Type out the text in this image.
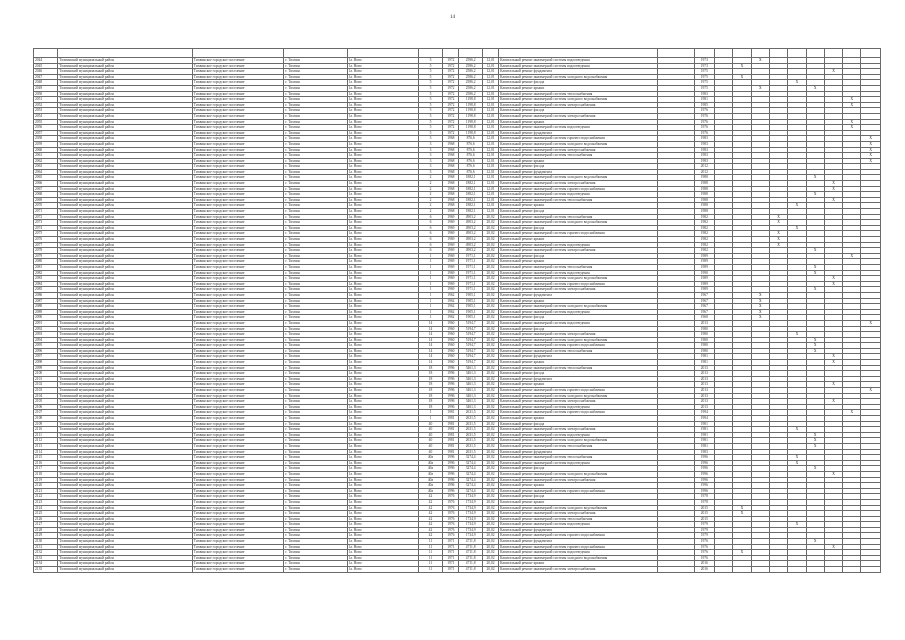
14

2044	Тихвинский муниципальный район	Тихвинское городское поселение	г. Тихвин	1а. Ново	5	1972	2586,2	12,01	Капитальный ремонт инженерной системы водоотведения		1973			X						
2045	Тихвинский муниципальный район	Тихвинское городское поселение	г. Тихвин	1а. Ново	5	1972	2586,2	12,01	Капитальный ремонт инженерной системы водоотведения		1973		X							
2046	Тихвинский муниципальный район	Тихвинское городское поселение	г. Тихвин	1а. Ново	5	1972	2586,2	12,01	Капитальный ремонт фундамента		1975							X		
2047	Тихвинский муниципальный район	Тихвинское городское поселение	г. Тихвин	1а. Ново	5	1972	2586,2	12,01	Капитальный ремонт инженерной системы холодного водоснабжения		1975		X							
2048	Тихвинский муниципальный район	Тихвинское городское поселение	г. Тихвин	1а. Ново	5	1972	2586,2	12,01	Капитальный ремонт фасада		1975					X				
2049	Тихвинский муниципальный район	Тихвинское городское поселение	г. Тихвин	1а. Ново	5	1972	2586,2	12,01	Капитальный ремонт крыши		1975			X			X			
2050	Тихвинский муниципальный район	Тихвинское городское поселение	г. Тихвин	1а. Ново	5	1972	2586,2	12,01	Капитальный ремонт инженерной системы теплоснабжения		1983									
2051	Тихвинский муниципальный район	Тихвинское городское поселение	г. Тихвин	1а. Ново	5	1972	1198,8	12,01	Капитальный ремонт инженерной системы холодного водоснабжения		1981								X	
2052	Тихвинский муниципальный район	Тихвинское городское поселение	г. Тихвин	1а. Ново	5	1972	1198,8	12,01	Капитальный ремонт инженерной системы электроснабжения		1985								X	
2053	Тихвинский муниципальный район	Тихвинское городское поселение	г. Тихвин	1а. Ново	5	1972	1198,8	12,01	Капитальный ремонт фасада		1976									
2054	Тихвинский муниципальный район	Тихвинское городское поселение	г. Тихвин	1а. Ново	5	1972	1198,8	12,01	Капитальный ремонт инженерной системы электроснабжения		1976									
2055	Тихвинский муниципальный район	Тихвинское городское поселение	г. Тихвин	1а. Ново	5	1972	1198,8	12,01	Капитальный ремонт крыши		1976								X	
2056	Тихвинский муниципальный район	Тихвинское городское поселение	г. Тихвин	1а. Ново	5	1972	1198,8	12,01	Капитальный ремонт инженерной системы водоотведения		1976								X	
2057	Тихвинский муниципальный район	Тихвинское городское поселение	г. Тихвин	1а. Ново	5	1972	1198,8	12,01	Капитальный ремонт фундамента		1976									
2058	Тихвинский муниципальный район	Тихвинское городское поселение	г. Тихвин	1а. Ново	3	1968	876,6	12,01	Капитальный ремонт инженерной системы горячего водоснабжения		1983									X
2059	Тихвинский муниципальный район	Тихвинское городское поселение	г. Тихвин	1а. Ново	3	1968	876,6	12,01	Капитальный ремонт инженерной системы холодного водоснабжения		1983									X
2060	Тихвинский муниципальный район	Тихвинское городское поселение	г. Тихвин	1а. Ново	3	1968	876,6	12,01	Капитальный ремонт инженерной системы электроснабжения		1983									X
2061	Тихвинский муниципальный район	Тихвинское городское поселение	г. Тихвин	1а. Ново	3	1968	876,6	12,01	Капитальный ремонт инженерной системы теплоснабжения		1983									X
2062	Тихвинский муниципальный район	Тихвинское городское поселение	г. Тихвин	1а. Ново	3	1968	876,6	12,01	Капитальный ремонт крыши		1983									X
2063	Тихвинский муниципальный район	Тихвинское городское поселение	г. Тихвин	1а. Ново	3	1968	876,6	12,01	Капитальный ремонт фасада		2012									
2064	Тихвинский муниципальный район	Тихвинское городское поселение	г. Тихвин	1а. Ново	3	1968	876,6	12,01	Капитальный ремонт фундамента		2012									
2065	Тихвинский муниципальный район	Тихвинское городское поселение	г. Тихвин	1а. Ново	2	1968	1882,1	12,01	Капитальный ремонт инженерной системы холодного водоснабжения		1988						X			
2066	Тихвинский муниципальный район	Тихвинское городское поселение	г. Тихвин	1а. Ново	2	1968	1882,1	12,01	Капитальный ремонт инженерной системы электроснабжения		1988							X		
2067	Тихвинский муниципальный район	Тихвинское городское поселение	г. Тихвин	1а. Ново	2	1968	1882,1	12,01	Капитальный ремонт инженерной системы горячего водоснабжения		1988							X		
2068	Тихвинский муниципальный район	Тихвинское городское поселение	г. Тихвин	1а. Ново	2	1968	1882,1	12,01	Капитальный ремонт инженерной системы водоотведения		1988						X			
2069	Тихвинский муниципальный район	Тихвинское городское поселение	г. Тихвин	1а. Ново	2	1968	1882,1	12,01	Капитальный ремонт инженерной системы теплоснабжения		1988							X		
2070	Тихвинский муниципальный район	Тихвинское городское поселение	г. Тихвин	1а. Ново	2	1968	1882,1	12,01	Капитальный ремонт крыши		1988					X				
2071	Тихвинский муниципальный район	Тихвинское городское поселение	г. Тихвин	1а. Ново	2	1968	1882,1	12,01	Капитальный ремонт фасада		1988									
2072	Тихвинский муниципальный район	Тихвинское городское поселение	г. Тихвин	1а. Ново	6	1969	4903,2	20,02	Капитальный ремонт инженерной системы теплоснабжения		1982				X					
2073	Тихвинский муниципальный район	Тихвинское городское поселение	г. Тихвин	1а. Ново	6	1969	4903,2	20,02	Капитальный ремонт инженерной системы холодного водоснабжения		1982				X					
2074	Тихвинский муниципальный район	Тихвинское городское поселение	г. Тихвин	1а. Ново	6	1969	4903,2	20,02	Капитальный ремонт фасада		1982					X				
2075	Тихвинский муниципальный район	Тихвинское городское поселение	г. Тихвин	1а. Ново	6	1969	4903,2	20,02	Капитальный ремонт инженерной системы горячего водоснабжения		1982				X					
2076	Тихвинский муниципальный район	Тихвинское городское поселение	г. Тихвин	1а. Ново	6	1969	4903,2	20,02	Капитальный ремонт крыши		1982				X					
2077	Тихвинский муниципальный район	Тихвинское городское поселение	г. Тихвин	1а. Ново	6	1969	4903,2	20,02	Капитальный ремонт инженерной системы водоотведения		1982				X					
2078	Тихвинский муниципальный район	Тихвинское городское поселение	г. Тихвин	1а. Ново	6	1969	4903,2	20,02	Капитальный ремонт инженерной системы электроснабжения		1982						X			
2079	Тихвинский муниципальный район	Тихвинское городское поселение	г. Тихвин	1а. Ново	1	1969	1971,1	20,02	Капитальный ремонт фасада		1989								X	
2080	Тихвинский муниципальный район	Тихвинское городское поселение	г. Тихвин	1а. Ново	1	1969	1971,1	20,02	Капитальный ремонт крыши		1989									
2081	Тихвинский муниципальный район	Тихвинское городское поселение	г. Тихвин	1а. Ново	1	1969	1971,1	20,02	Капитальный ремонт инженерной системы теплоснабжения		1989						X			
2082	Тихвинский муниципальный район	Тихвинское городское поселение	г. Тихвин	1а. Ново	1	1969	1971,1	20,02	Капитальный ремонт инженерной системы водоотведения		1990						X			
2083	Тихвинский муниципальный район	Тихвинское городское поселение	г. Тихвин	1а. Ново	1	1969	1971,1	20,02	Капитальный ремонт инженерной системы холодного водоснабжения		1989							X		
2084	Тихвинский муниципальный район	Тихвинское городское поселение	г. Тихвин	1а. Ново	1	1969	1971,1	20,02	Капитальный ремонт инженерной системы горячего водоснабжения		1989							X		
2085	Тихвинский муниципальный район	Тихвинское городское поселение	г. Тихвин	1а. Ново	1	1969	1971,1	20,02	Капитальный ремонт инженерной системы электроснабжения		1989						X			
2086	Тихвинский муниципальный район	Тихвинское городское поселение	г. Тихвин	1а. Ново	1	1962	1905,1	20,02	Капитальный ремонт фундамента		1967			X						
2087	Тихвинский муниципальный район	Тихвинское городское поселение	г. Тихвин	1а. Ново	1	1962	1905,1	20,02	Капитальный ремонт крыши		1967			X						
2088	Тихвинский муниципальный район	Тихвинское городское поселение	г. Тихвин	1а. Ново	1	1962	1905,1	20,02	Капитальный ремонт инженерной системы холодного водоснабжения		1967			X						
2089	Тихвинский муниципальный район	Тихвинское городское поселение	г. Тихвин	1а. Ново	1	1962	1905,1	20,02	Капитальный ремонт инженерной системы водоотведения		1967			X						
2090	Тихвинский муниципальный район	Тихвинское городское поселение	г. Тихвин	1а. Ново	1	1962	1905,1	20,02	Капитальный ремонт фасада		1968			X						
2091	Тихвинский муниципальный район	Тихвинское городское поселение	г. Тихвин	1а. Ново	14	1960	5194,7	20,02	Капитальный ремонт инженерной системы водоотведения		2013									X
2092	Тихвинский муниципальный район	Тихвинское городское поселение	г. Тихвин	1а. Ново	14	1960	5194,7	20,02	Капитальный ремонт фасада		1980									
2093	Тихвинский муниципальный район	Тихвинское городское поселение	г. Тихвин	1а. Ново	14	1960	5194,7	20,02	Капитальный ремонт инженерной системы электроснабжения		1980					X				
2094	Тихвинский муниципальный район	Тихвинское городское поселение	г. Тихвин	1а. Ново	14	1960	5194,7	20,02	Капитальный ремонт инженерной системы холодного водоснабжения		1980						X			
2095	Тихвинский муниципальный район	Тихвинское городское поселение	г. Тихвин	1а. Ново	14	1960	5194,7	20,02	Капитальный ремонт инженерной системы горячего водоснабжения		1980						X			
2096	Тихвинский муниципальный район	Тихвинское городское поселение	г. Тихвин	1а. Ново	14	1960	5194,7	20,02	Капитальный ремонт инженерной системы теплоснабжения		1980						X			
2097	Тихвинский муниципальный район	Тихвинское городское поселение	г. Тихвин	1а. Ново	14	1960	5194,7	20,02	Капитальный ремонт фундамента		1981							X		
2098	Тихвинский муниципальный район	Тихвинское городское поселение	г. Тихвин	1а. Ново	14	1960	5194,7	20,02	Капитальный ремонт крыши		1981							X		
2099	Тихвинский муниципальный район	Тихвинское городское поселение	г. Тихвин	1а. Ново	18	1996	3461,3	20,02	Капитальный ремонт инженерной системы теплоснабжения		2013									
2100	Тихвинский муниципальный район	Тихвинское городское поселение	г. Тихвин	1а. Ново	18	1996	3461,3	20,02	Капитальный ремонт фасада		2013									
2101	Тихвинский муниципальный район	Тихвинское городское поселение	г. Тихвин	1а. Ново	18	1996	3461,3	20,02	Капитальный ремонт фундамента		2013									
2102	Тихвинский муниципальный район	Тихвинское городское поселение	г. Тихвин	1а. Ново	18	1996	3461,3	20,02	Капитальный ремонт крыши		2013							X		
2103	Тихвинский муниципальный район	Тихвинское городское поселение	г. Тихвин	1а. Ново	18	1996	3461,3	20,02	Капитальный ремонт инженерной системы горячего водоснабжения		2013									X
2104	Тихвинский муниципальный район	Тихвинское городское поселение	г. Тихвин	1а. Ново	18	1996	3461,3	20,02	Капитальный ремонт инженерной системы холодного водоснабжения		2013									
2105	Тихвинский муниципальный район	Тихвинское городское поселение	г. Тихвин	1а. Ново	18	1996	3461,3	20,02	Капитальный ремонт инженерной системы электроснабжения		2013							X		
2106	Тихвинский муниципальный район	Тихвинское городское поселение	г. Тихвин	1а. Ново	18	1996	3461,3	20,02	Капитальный ремонт инженерной системы водоотведения		2013									
2107	Тихвинский муниципальный район	Тихвинское городское поселение	г. Тихвин	1а. Ново	1	1981	2631,5	20,02	Капитальный ремонт инженерной системы горячего водоснабжения		1994								X	
2108	Тихвинский муниципальный район	Тихвинское городское поселение	г. Тихвин	1а. Ново	1	1981	2631,5	20,02	Капитальный ремонт крыши		1994									
2109	Тихвинский муниципальный район	Тихвинское городское поселение	г. Тихвин	1а. Ново	40	1981	2631,5	20,02	Капитальный ремонт фасада		1981									
2110	Тихвинский муниципальный район	Тихвинское городское поселение	г. Тихвин	1а. Ново	40	1981	2631,5	20,02	Капитальный ремонт инженерной системы электроснабжения		1981					X				
2111	Тихвинский муниципальный район	Тихвинское городское поселение	г. Тихвин	1а. Ново	40	1981	2631,5	20,02	Капитальный ремонт инженерной системы водоотведения		1981						X			
2112	Тихвинский муниципальный район	Тихвинское городское поселение	г. Тихвин	1а. Ново	40	1981	2631,5	20,02	Капитальный ремонт инженерной системы холодного водоснабжения		1981						X			
2113	Тихвинский муниципальный район	Тихвинское городское поселение	г. Тихвин	1а. Ново	40	1981	2631,5	20,02	Капитальный ремонт инженерной системы теплоснабжения		1981						X			
2114	Тихвинский муниципальный район	Тихвинское городское поселение	г. Тихвин	1а. Ново	40	1981	2631,5	20,02	Капитальный ремонт фундамента		1983									
2115	Тихвинский муниципальный район	Тихвинское городское поселение	г. Тихвин	1а. Ново	40a	1996	3274,4	20,02	Капитальный ремонт инженерной системы теплоснабжения		1996					X				
2116	Тихвинский муниципальный район	Тихвинское городское поселение	г. Тихвин	1а. Ново	40a	1996	3274,4	20,02	Капитальный ремонт инженерной системы водоотведения		1996					X				
2117	Тихвинский муниципальный район	Тихвинское городское поселение	г. Тихвин	1а. Ново	40a	1996	3274,4	20,02	Капитальный ремонт фасада		1996						X			
2118	Тихвинский муниципальный район	Тихвинское городское поселение	г. Тихвин	1а. Ново	40a	1996	3274,4	20,02	Капитальный ремонт инженерной системы холодного водоснабжения		1996							X		
2119	Тихвинский муниципальный район	Тихвинское городское поселение	г. Тихвин	1а. Ново	40a	1996	3274,4	20,02	Капитальный ремонт инженерной системы электроснабжения		1996									
2120	Тихвинский муниципальный район	Тихвинское городское поселение	г. Тихвин	1а. Ново	40a	1996	3274,4	20,02	Капитальный ремонт крыши		1996									
2121	Тихвинский муниципальный район	Тихвинское городское поселение	г. Тихвин	1а. Ново	40a	1996	3274,4	20,02	Капитальный ремонт инженерной системы горячего водоснабжения		1996									
2122	Тихвинский муниципальный район	Тихвинское городское поселение	г. Тихвин	1а. Ново	42	1976	1734,9	20,02	Капитальный ремонт фасада		1978									
2123	Тихвинский муниципальный район	Тихвинское городское поселение	г. Тихвин	1а. Ново	42	1976	1734,9	20,02	Капитальный ремонт крыши		1978									
2124	Тихвинский муниципальный район	Тихвинское городское поселение	г. Тихвин	1а. Ново	42	1976	1734,9	20,02	Капитальный ремонт инженерной системы холодного водоснабжения		2015		X							
2125	Тихвинский муниципальный район	Тихвинское городское поселение	г. Тихвин	1а. Ново	42	1976	1734,9	20,02	Капитальный ремонт инженерной системы электроснабжения		2015		X							
2126	Тихвинский муниципальный район	Тихвинское городское поселение	г. Тихвин	1а. Ново	42	1976	1734,9	20,02	Капитальный ремонт инженерной системы теплоснабжения		2015									
2127	Тихвинский муниципальный район	Тихвинское городское поселение	г. Тихвин	1а. Ново	42	1976	1734,9	20,02	Капитальный ремонт инженерной системы водоотведения		1979					X				
2128	Тихвинский муниципальный район	Тихвинское городское поселение	г. Тихвин	1а. Ново	42	1976	1734,9	20,02	Капитальный ремонт фундамента		1979									
2129	Тихвинский муниципальный район	Тихвинское городское поселение	г. Тихвин	1а. Ново	42	1976	1734,9	20,02	Капитальный ремонт инженерной системы горячего водоснабжения		1979									
2130	Тихвинский муниципальный район	Тихвинское городское поселение	г. Тихвин	1а. Ново	11	1971	4711,8	20,02	Капитальный ремонт фундамента		1976						X			
2131	Тихвинский муниципальный район	Тихвинское городское поселение	г. Тихвин	1а. Ново	11	1971	4711,8	20,02	Капитальный ремонт инженерной системы горячего водоснабжения		1976							X		
2132	Тихвинский муниципальный район	Тихвинское городское поселение	г. Тихвин	1а. Ново	11	1971	4711,8	20,02	Капитальный ремонт инженерной системы водоотведения		1976		X							
2133	Тихвинский муниципальный район	Тихвинское городское поселение	г. Тихвин	1а. Ново	11	1971	4711,8	20,02	Капитальный ремонт инженерной системы холодного водоснабжения		1976									
2134	Тихвинский муниципальный район	Тихвинское городское поселение	г. Тихвин	1а. Ново	11	1971	4711,8	20,02	Капитальный ремонт крыши		2016									
2135	Тихвинский муниципальный район	Тихвинское городское поселение	г. Тихвин	1а. Ново	11	1971	4711,8	20,02	Капитальный ремонт инженерной системы электроснабжения		2016									
